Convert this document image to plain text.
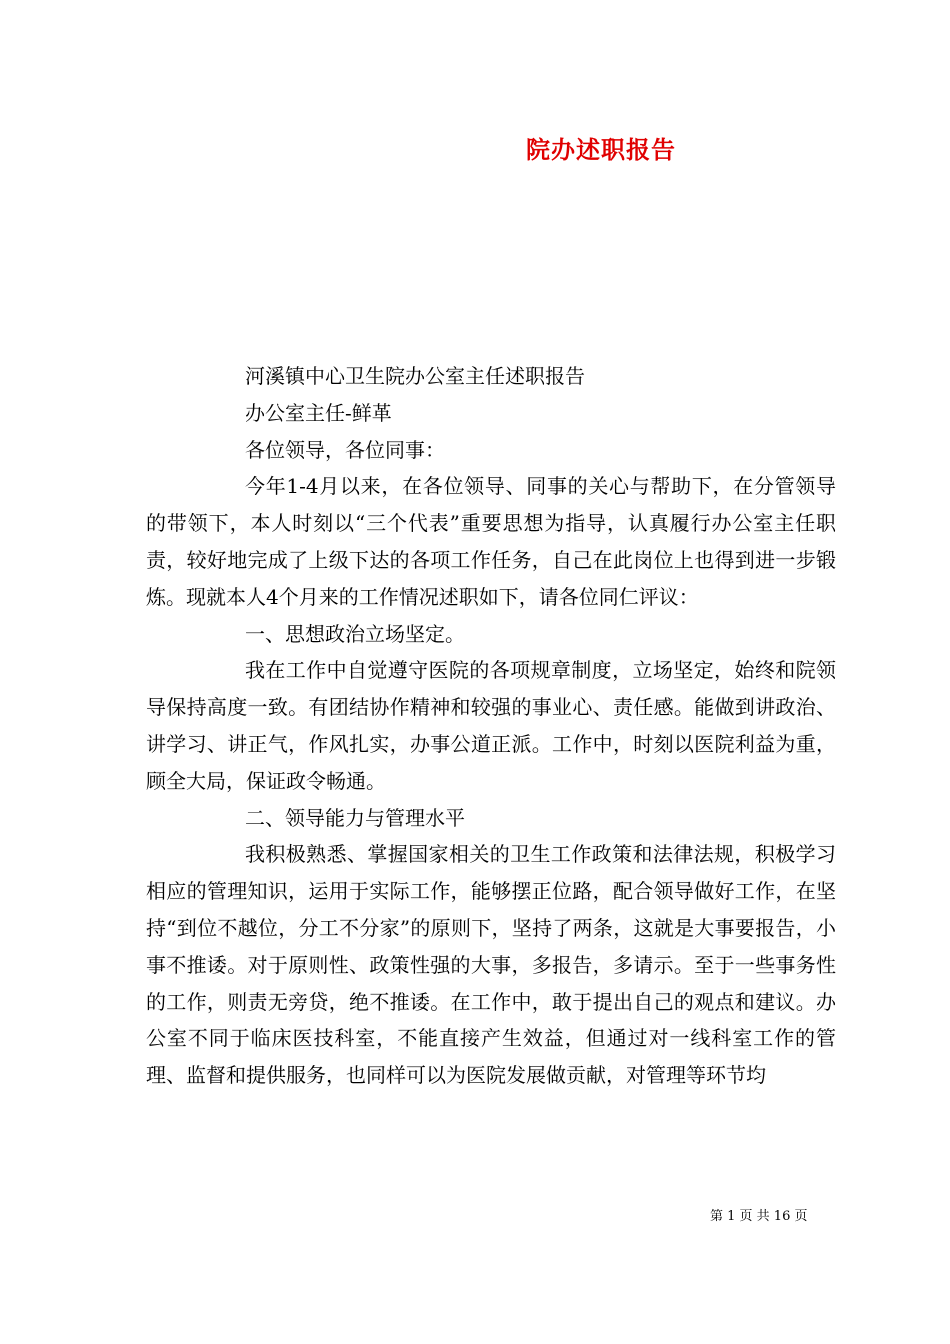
院办述职报告

河溪镇中心卫生院办公室主任述职报告

办公室主任-鲜革

各位领导，各位同事：

今年1-4月以来，在各位领导、同事的关心与帮助下，在分管领导的带领下，本人时刻以“三个代表”重要思想为指导，认真履行办公室主任职责，较好地完成了上级下达的各项工作任务，自己在此岗位上也得到进一步锻炼。现就本人4个月来的工作情况述职如下，请各位同仁评议：

一、思想政治立场坚定。

我在工作中自觉遵守医院的各项规章制度，立场坚定，始终和院领导保持高度一致。有团结协作精神和较强的事业心、责任感。能做到讲政治、讲学习、讲正气，作风扎实，办事公道正派。工作中，时刻以医院利益为重，顾全大局，保证政令畅通。

二、领导能力与管理水平

我积极熟悉、掌握国家相关的卫生工作政策和法律法规，积极学习相应的管理知识，运用于实际工作，能够摆正位路，配合领导做好工作，在坚持“到位不越位，分工不分家”的原则下，坚持了两条，这就是大事要报告，小事不推诿。对于原则性、政策性强的大事，多报告，多请示。至于一些事务性的工作，则责无旁贷，绝不推诿。在工作中，敢于提出自己的观点和建议。办公室不同于临床医技科室，不能直接产生效益，但通过对一线科室工作的管理、监督和提供服务，也同样可以为医院发展做贡献，对管理等环节均

第 1 页 共 16 页
